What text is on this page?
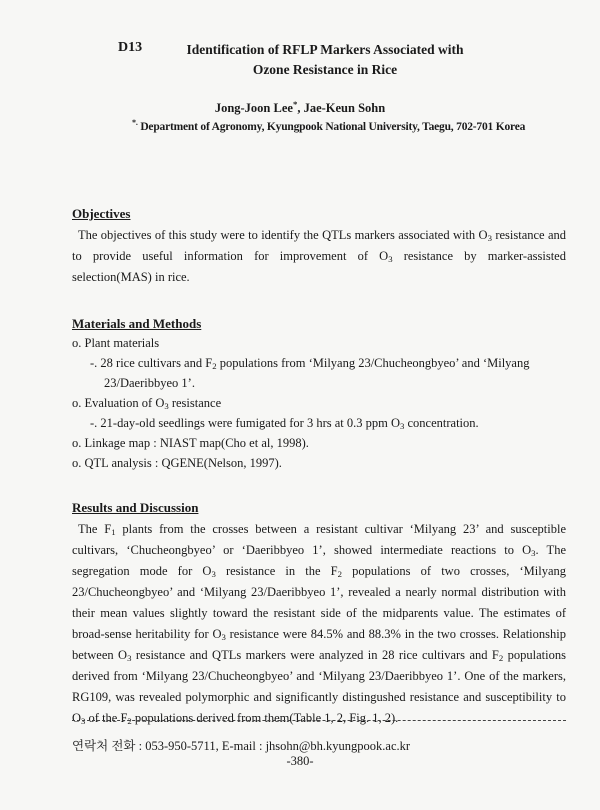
D13	Identification of RFLP Markers Associated with
Ozone Resistance in Rice
Jong-Joon Lee*, Jae-Keun Sohn
*. Department of Agronomy, Kyungpook National University, Taegu, 702-701 Korea
Objectives
The objectives of this study were to identify the QTLs markers associated with $O_3$ resistance and to provide useful information for improvement of $O_3$ resistance by marker-assisted selection(MAS) in rice.
Materials and Methods
o. Plant materials
-. 28 rice cultivars and $F_2$ populations from ‘Milyang 23/Chucheongbyeo’ and ‘Milyang
23/Daeribbyeo 1’.
o. Evaluation of $O_3$ resistance
-. 21-day-old seedlings were fumigated for 3 hrs at 0.3 ppm $O_3$ concentration.
o. Linkage map : NIAST map(Cho et al, 1998).
o. QTL analysis : QGENE(Nelson, 1997).
Results and Discussion
The $F_1$ plants from the crosses between a resistant cultivar ‘Milyang 23’ and susceptible cultivars, ‘Chucheongbyeo’ or ‘Daeribbyeo 1’, showed intermediate reactions to $O_3$. The segregation mode for $O_3$ resistance in the $F_2$ populations of two crosses, ‘Milyang 23/Chucheongbyeo’ and ‘Milyang 23/Daeribbyeo 1’, revealed a nearly normal distribution with their mean values slightly toward the resistant side of the midparents value. The estimates of broad-sense heritability for $O_3$ resistance were 84.5% and 88.3% in the two crosses. Relationship between $O_3$ resistance and QTLs markers were analyzed in 28 rice cultivars and $F_2$ populations derived from ‘Milyang 23/Chucheongbyeo’ and ‘Milyang 23/Daeribbyeo 1’. One of the markers, RG109, was revealed polymorphic and significantly distingushed resistance and susceptibility to $O_3$ of the $F_2$ populations derived from them(Table 1, 2, Fig. 1, 2).
연락처 전화 : 053-950-5711, E-mail : jhsohn@bh.kyungpook.ac.kr
-380-
